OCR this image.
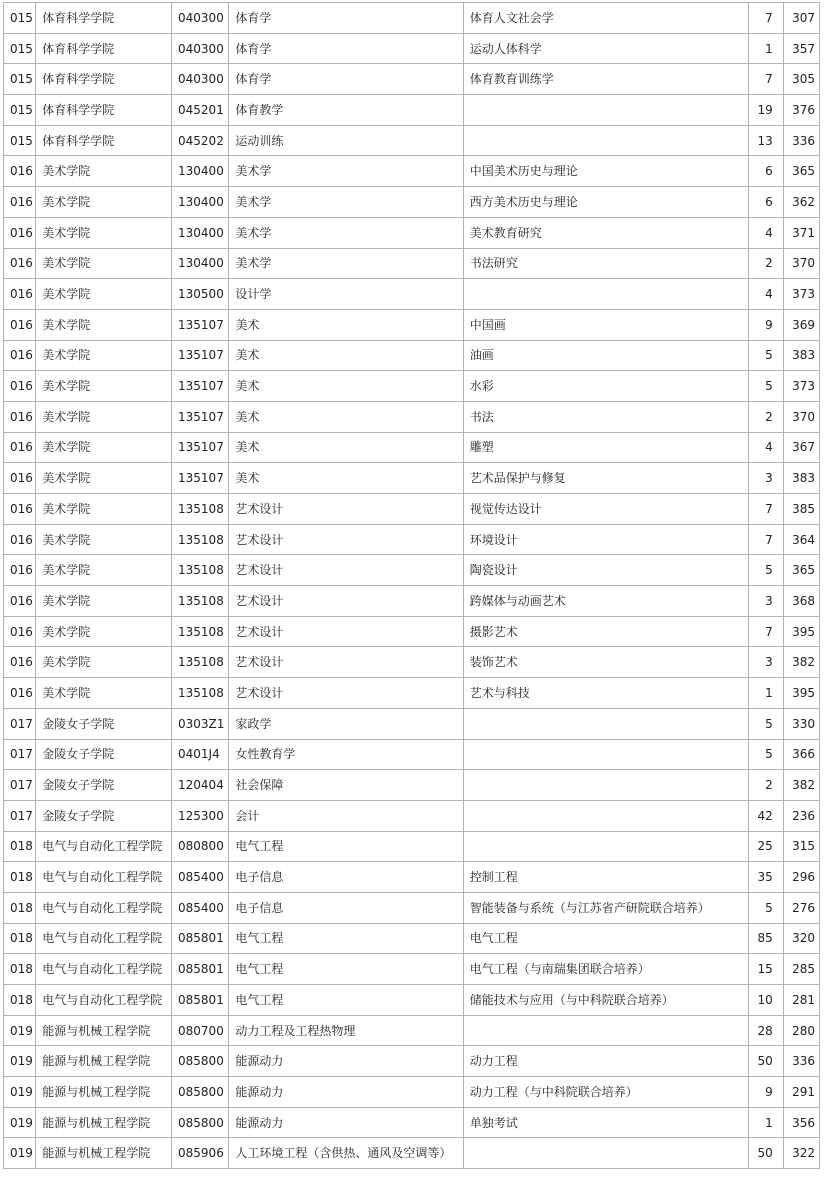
015	体育科学学院	040300	体育学	体育人文社会学	7	307
015	体育科学学院	040300	体育学	运动人体科学	1	357
015	体育科学学院	040300	体育学	体育教育训练学	7	305
015	体育科学学院	045201	体育教学		19	376
015	体育科学学院	045202	运动训练		13	336
016	美术学院	130400	美术学	中国美术历史与理论	6	365
016	美术学院	130400	美术学	西方美术历史与理论	6	362
016	美术学院	130400	美术学	美术教育研究	4	371
016	美术学院	130400	美术学	书法研究	2	370
016	美术学院	130500	设计学		4	373
016	美术学院	135107	美术	中国画	9	369
016	美术学院	135107	美术	油画	5	383
016	美术学院	135107	美术	水彩	5	373
016	美术学院	135107	美术	书法	2	370
016	美术学院	135107	美术	雕塑	4	367
016	美术学院	135107	美术	艺术品保护与修复	3	383
016	美术学院	135108	艺术设计	视觉传达设计	7	385
016	美术学院	135108	艺术设计	环境设计	7	364
016	美术学院	135108	艺术设计	陶瓷设计	5	365
016	美术学院	135108	艺术设计	跨媒体与动画艺术	3	368
016	美术学院	135108	艺术设计	摄影艺术	7	395
016	美术学院	135108	艺术设计	装饰艺术	3	382
016	美术学院	135108	艺术设计	艺术与科技	1	395
017	金陵女子学院	0303Z1	家政学		5	330
017	金陵女子学院	0401J4	女性教育学		5	366
017	金陵女子学院	120404	社会保障		2	382
017	金陵女子学院	125300	会计		42	236
018	电气与自动化工程学院	080800	电气工程		25	315
018	电气与自动化工程学院	085400	电子信息	控制工程	35	296
018	电气与自动化工程学院	085400	电子信息	智能装备与系统（与江苏省产研院联合培养）	5	276
018	电气与自动化工程学院	085801	电气工程	电气工程	85	320
018	电气与自动化工程学院	085801	电气工程	电气工程（与南瑞集团联合培养）	15	285
018	电气与自动化工程学院	085801	电气工程	储能技术与应用（与中科院联合培养）	10	281
019	能源与机械工程学院	080700	动力工程及工程热物理		28	280
019	能源与机械工程学院	085800	能源动力	动力工程	50	336
019	能源与机械工程学院	085800	能源动力	动力工程（与中科院联合培养）	9	291
019	能源与机械工程学院	085800	能源动力	单独考试	1	356
019	能源与机械工程学院	085906	人工环境工程（含供热、通风及空调等）		50	322
